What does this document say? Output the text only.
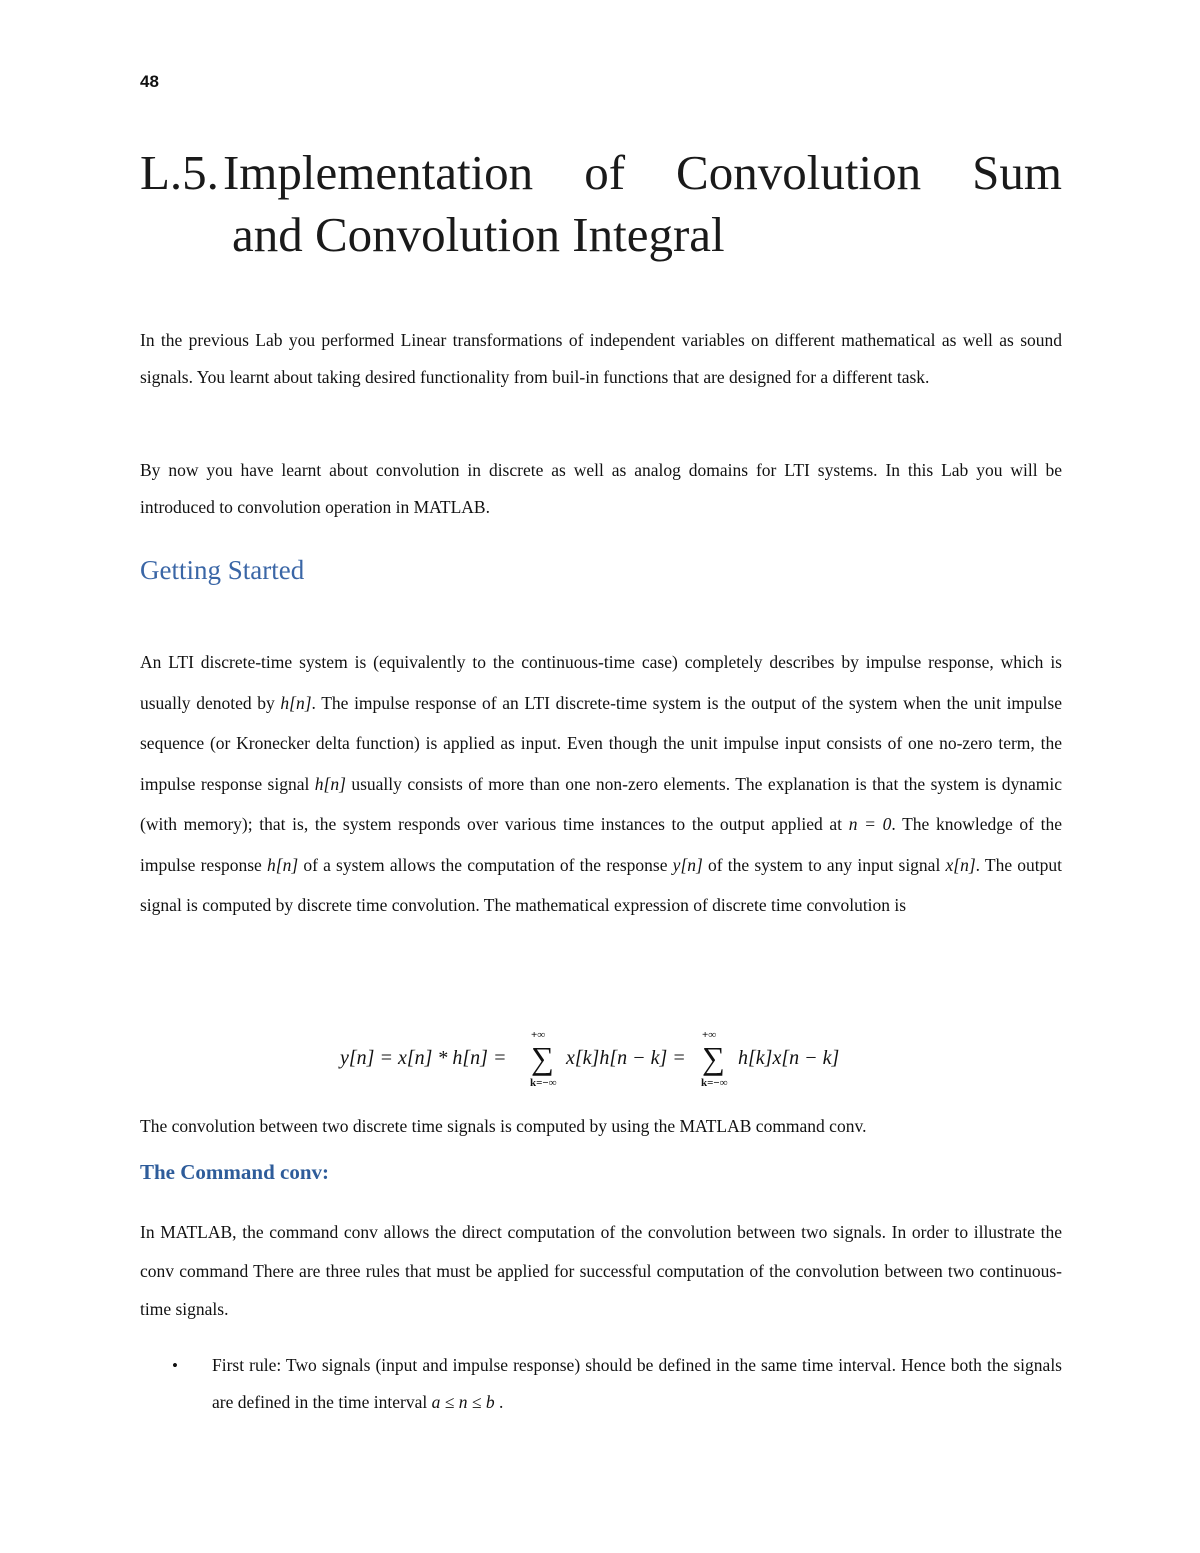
48
L.5.Implementation of Convolution Sum
and Convolution Integral

In the previous Lab you performed Linear transformations of independent variables on different mathematical as well as sound signals. You learnt about taking desired functionality from buil-in functions that are designed for a different task.

By now you have learnt about convolution in discrete as well as analog domains for LTI systems. In this Lab you will be introduced to convolution operation in MATLAB.

Getting Started

An LTI discrete-time system is (equivalently to the continuous-time case) completely describes by impulse response, which is usually denoted by h[n]. The impulse response of an LTI discrete-time system is the output of the system when the unit impulse sequence (or Kronecker delta function) is applied as input. Even though the unit impulse input consists of one no-zero term, the impulse response signal h[n] usually consists of more than one non-zero elements. The explanation is that the system is dynamic (with memory); that is, the system responds over various time instances to the output applied at n = 0. The knowledge of the impulse response h[n] of a system allows the computation of the response y[n] of the system to any input signal x[n]. The output signal is computed by discrete time convolution. The mathematical expression of discrete time convolution is

y[n] = x[n] * h[n] =
+∞
∑
k=−∞
x[k]h[n − k] =
+∞
∑
k=−∞
h[k]x[n − k]

The convolution between two discrete time signals is computed by using the MATLAB command conv.

The Command conv:

In MATLAB, the command conv allows the direct computation of the convolution between two signals. In order to illustrate the conv command There are three rules that must be applied for successful computation of the convolution between two continuous-time signals.

• First rule: Two signals (input and impulse response) should be defined in the same time interval. Hence both the signals are defined in the time interval a ≤ n ≤ b .
